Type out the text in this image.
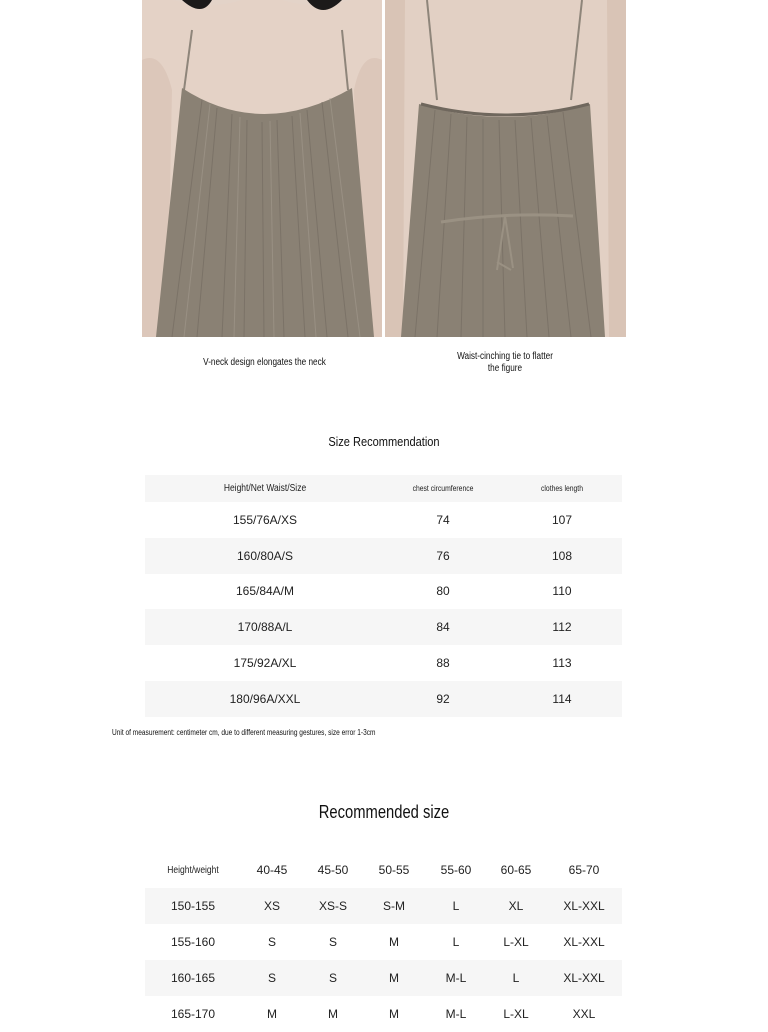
V-neck design elongates the neck
Waist-cinching tie to flatter the figure
Size Recommendation
Height/Net Waist/Size	chest circumference	clothes length
155/76A/XS	74	107
160/80A/S	76	108
165/84A/M	80	110
170/88A/L	84	112
175/92A/XL	88	113
180/96A/XXL	92	114
Unit of measurement: centimeter cm, due to different measuring gestures, size error 1-3cm
Recommended size
Height/weight	40-45	45-50	50-55	55-60	60-65	65-70
150-155	XS	XS-S	S-M	L	XL	XL-XXL
155-160	S	S	M	L	L-XL	XL-XXL
160-165	S	S	M	M-L	L	XL-XXL
165-170	M	M	M	M-L	L-XL	XXL
